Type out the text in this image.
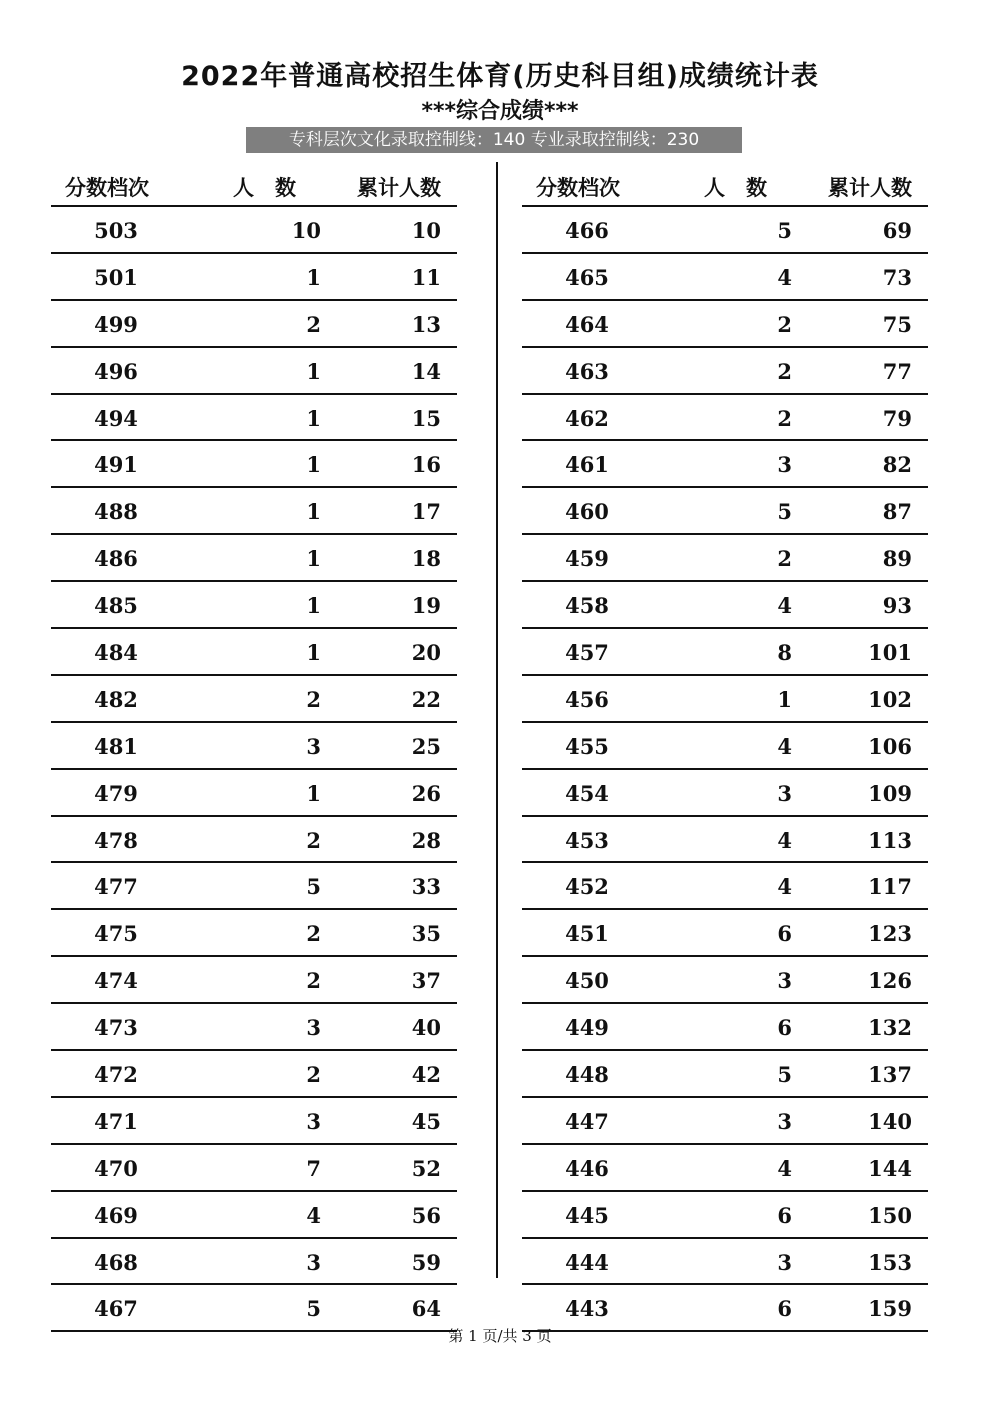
2022年普通高校招生体育(历史科目组)成绩统计表
***综合成绩***
专科层次文化录取控制线：140 专业录取控制线：230
分数档次	人　数	累计人数
503	10	10
501	1	11
499	2	13
496	1	14
494	1	15
491	1	16
488	1	17
486	1	18
485	1	19
484	1	20
482	2	22
481	3	25
479	1	26
478	2	28
477	5	33
475	2	35
474	2	37
473	3	40
472	2	42
471	3	45
470	7	52
469	4	56
468	3	59
467	5	64
分数档次	人　数	累计人数
466	5	69
465	4	73
464	2	75
463	2	77
462	2	79
461	3	82
460	5	87
459	2	89
458	4	93
457	8	101
456	1	102
455	4	106
454	3	109
453	4	113
452	4	117
451	6	123
450	3	126
449	6	132
448	5	137
447	3	140
446	4	144
445	6	150
444	3	153
443	6	159
第 1 页/共 3 页
